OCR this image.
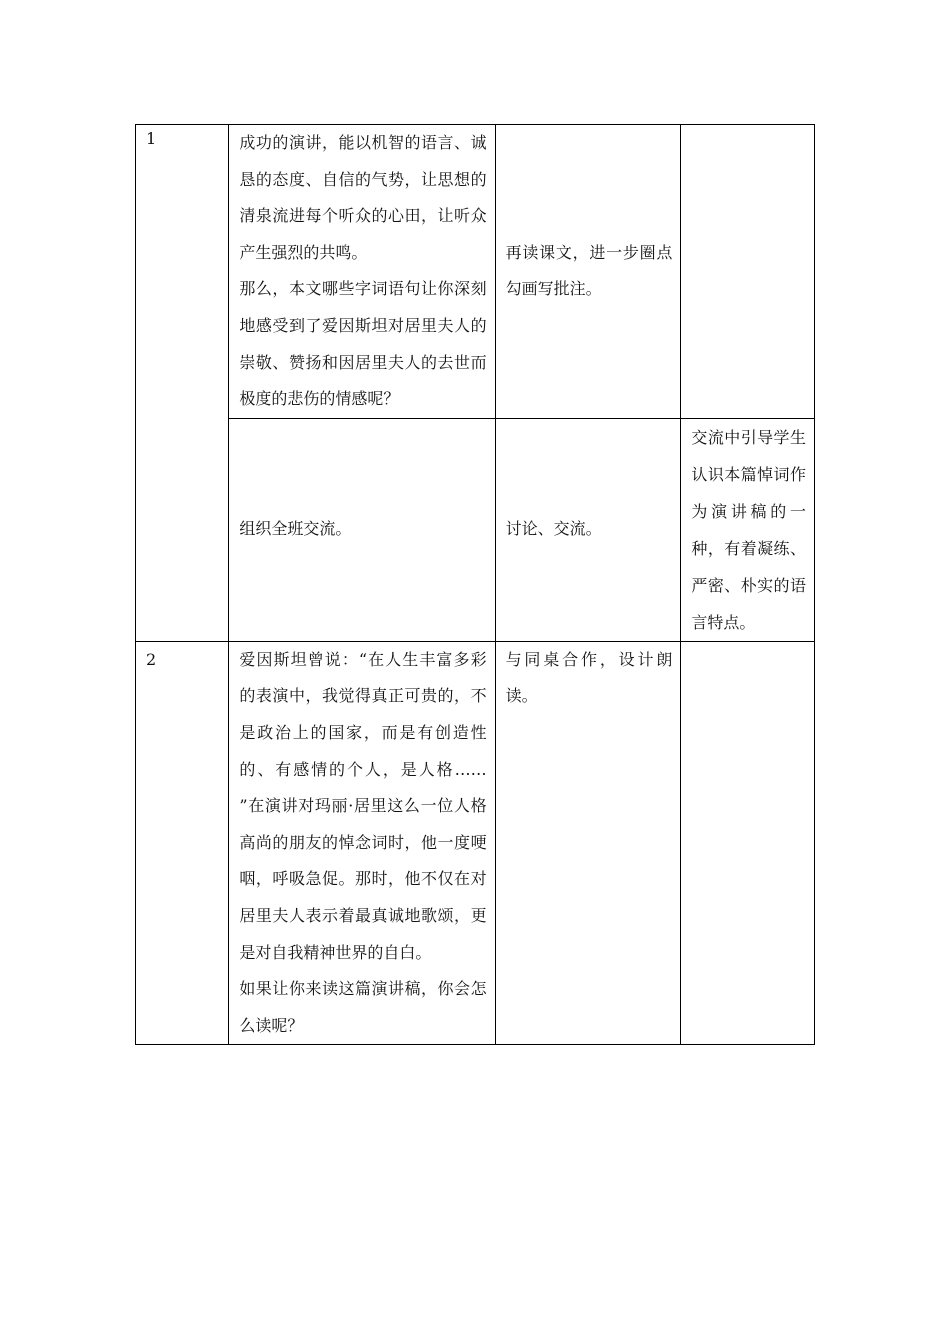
1	成功的演讲，能以机智的语言、诚恳的态度、自信的气势，让思想的清泉流进每个听众的心田，让听众产生强烈的共鸣。

那么，本文哪些字词语句让你深刻地感受到了爱因斯坦对居里夫人的崇敬、赞扬和因居里夫人的去世而极度的悲伤的情感呢？	再读课文，进一步圈点勾画写批注。	

	组织全班交流。	讨论、交流。	交流中引导学生认识本篇悼词作为演讲稿的一种，有着凝练、严密、朴实的语言特点。

2	爱因斯坦曾说：“在人生丰富多彩的表演中，我觉得真正可贵的，不是政治上的国家，而是有创造性的、有感情的个人，是人格…… ”在演讲对玛丽·居里这么一位人格高尚的朋友的悼念词时，他一度哽咽，呼吸急促。那时，他不仅在对居里夫人表示着最真诚地歌颂，更是对自我精神世界的自白。

如果让你来读这篇演讲稿，你会怎么读呢？	与同桌合作，设计朗读。	
